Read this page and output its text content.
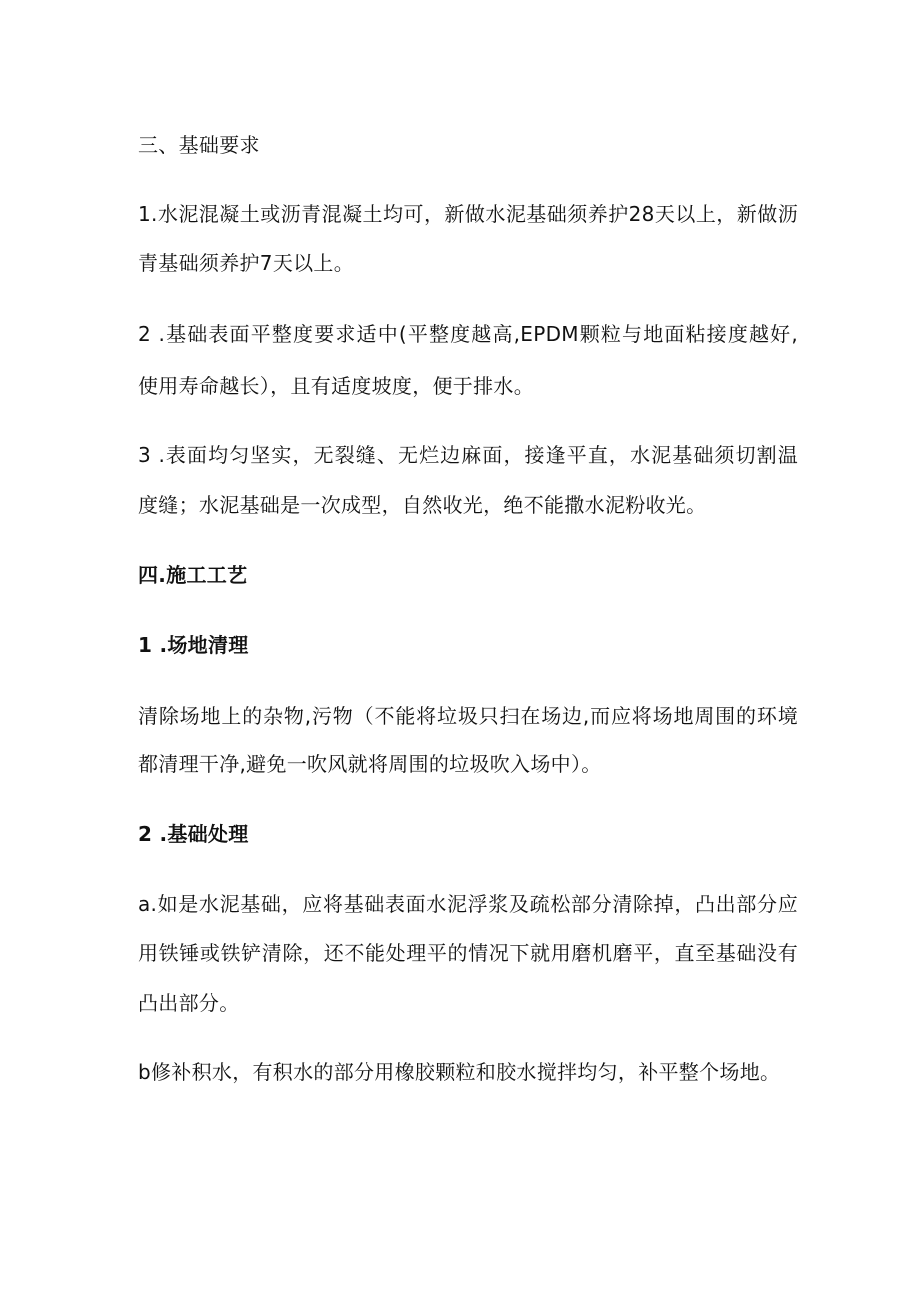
三、基础要求
1.水泥混凝土或沥青混凝土均可，新做水泥基础须养护28天以上，新做沥
青基础须养护7天以上。
2 .基础表面平整度要求适中(平整度越高,EPDM颗粒与地面粘接度越好,
使用寿命越长），且有适度坡度，便于排水。
3 .表面均匀坚实，无裂缝、无烂边麻面，接逢平直，水泥基础须切割温
度缝；水泥基础是一次成型，自然收光，绝不能撒水泥粉收光。
四.施工工艺
1 .场地清理
清除场地上的杂物,污物（不能将垃圾只扫在场边,而应将场地周围的环境
都清理干净,避免一吹风就将周围的垃圾吹入场中）。
2 .基础处理
a.如是水泥基础，应将基础表面水泥浮浆及疏松部分清除掉，凸出部分应
用铁锤或铁铲清除，还不能处理平的情况下就用磨机磨平，直至基础没有
凸出部分。
b修补积水，有积水的部分用橡胶颗粒和胶水搅拌均匀，补平整个场地。
